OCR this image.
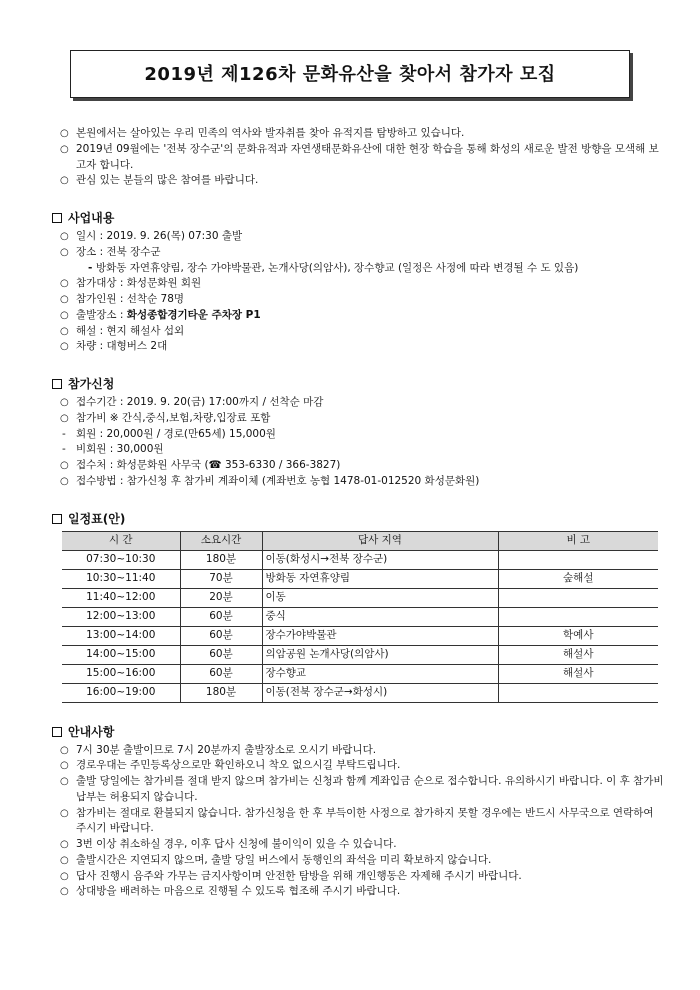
2019년 제126차 문화유산을 찾아서 참가자 모집
○ 본원에서는 살아있는 우리 민족의 역사와 발자취를 찾아 유적지를 탐방하고 있습니다.
○ 2019년 09월에는 '전북 장수군'의 문화유적과 자연생태문화유산에 대한 현장 학습을 통해 화성의 새로운 발전 방향을 모색해 보고자 합니다.
○ 관심 있는 분들의 많은 참여를 바랍니다.
사업내용
○ 일시 : 2019. 9. 26(목) 07:30 출발
○ 장소 : 전북 장수군
- 방화동 자연휴양림, 장수 가야박물관, 논개사당(의암사), 장수향교 (일정은 사정에 따라 변경될 수 도 있음)
○ 참가대상 : 화성문화원 회원
○ 참가인원 : 선착순 78명
○ 출발장소 : 화성종합경기타운 주차장 P1
○ 해설 : 현지 해설사 섭외
○ 차량 : 대형버스 2대
참가신청
○ 접수기간 : 2019. 9. 20(금) 17:00까지 / 선착순 마감
○ 참가비 ※ 간식,중식,보험,차량,입장료 포함
- 회원 : 20,000원 / 경로(만65세) 15,000원
- 비회원 : 30,000원
○ 접수처 : 화성문화원 사무국 (☎ 353-6330 / 366-3827)
○ 접수방법 : 참가신청 후 참가비 계좌이체 (계좌번호 농협 1478-01-012520 화성문화원)
일정표(안)
시 간	소요시간	답사 지역	비 고
07:30~10:30	180분	이동(화성시→전북 장수군)	
10:30~11:40	70분	방화동 자연휴양림	숲해설
11:40~12:00	20분	이동	
12:00~13:00	60분	중식	
13:00~14:00	60분	장수가야박물관	학예사
14:00~15:00	60분	의암공원 논개사당(의암사)	해설사
15:00~16:00	60분	장수향교	해설사
16:00~19:00	180분	이동(전북 장수군→화성시)	
안내사항
○ 7시 30분 출발이므로 7시 20분까지 출발장소로 오시기 바랍니다.
○ 경로우대는 주민등록상으로만 확인하오니 착오 없으시길 부탁드립니다.
○ 출발 당일에는 참가비를 절대 받지 않으며 참가비는 신청과 함께 계좌입금 순으로 접수합니다. 유의하시기 바랍니다. 이 후 참가비 납부는 허용되지 않습니다.
○ 참가비는 절대로 환불되지 않습니다. 참가신청을 한 후 부득이한 사정으로 참가하지 못할 경우에는 반드시 사무국으로 연락하여 주시기 바랍니다.
○ 3번 이상 취소하실 경우, 이후 답사 신청에 불이익이 있을 수 있습니다.
○ 출발시간은 지연되지 않으며, 출발 당일 버스에서 동행인의 좌석을 미리 확보하지 않습니다.
○ 답사 진행시 음주와 가무는 금지사항이며 안전한 탐방을 위해 개인행동은 자제해 주시기 바랍니다.
○ 상대방을 배려하는 마음으로 진행될 수 있도록 협조해 주시기 바랍니다.
